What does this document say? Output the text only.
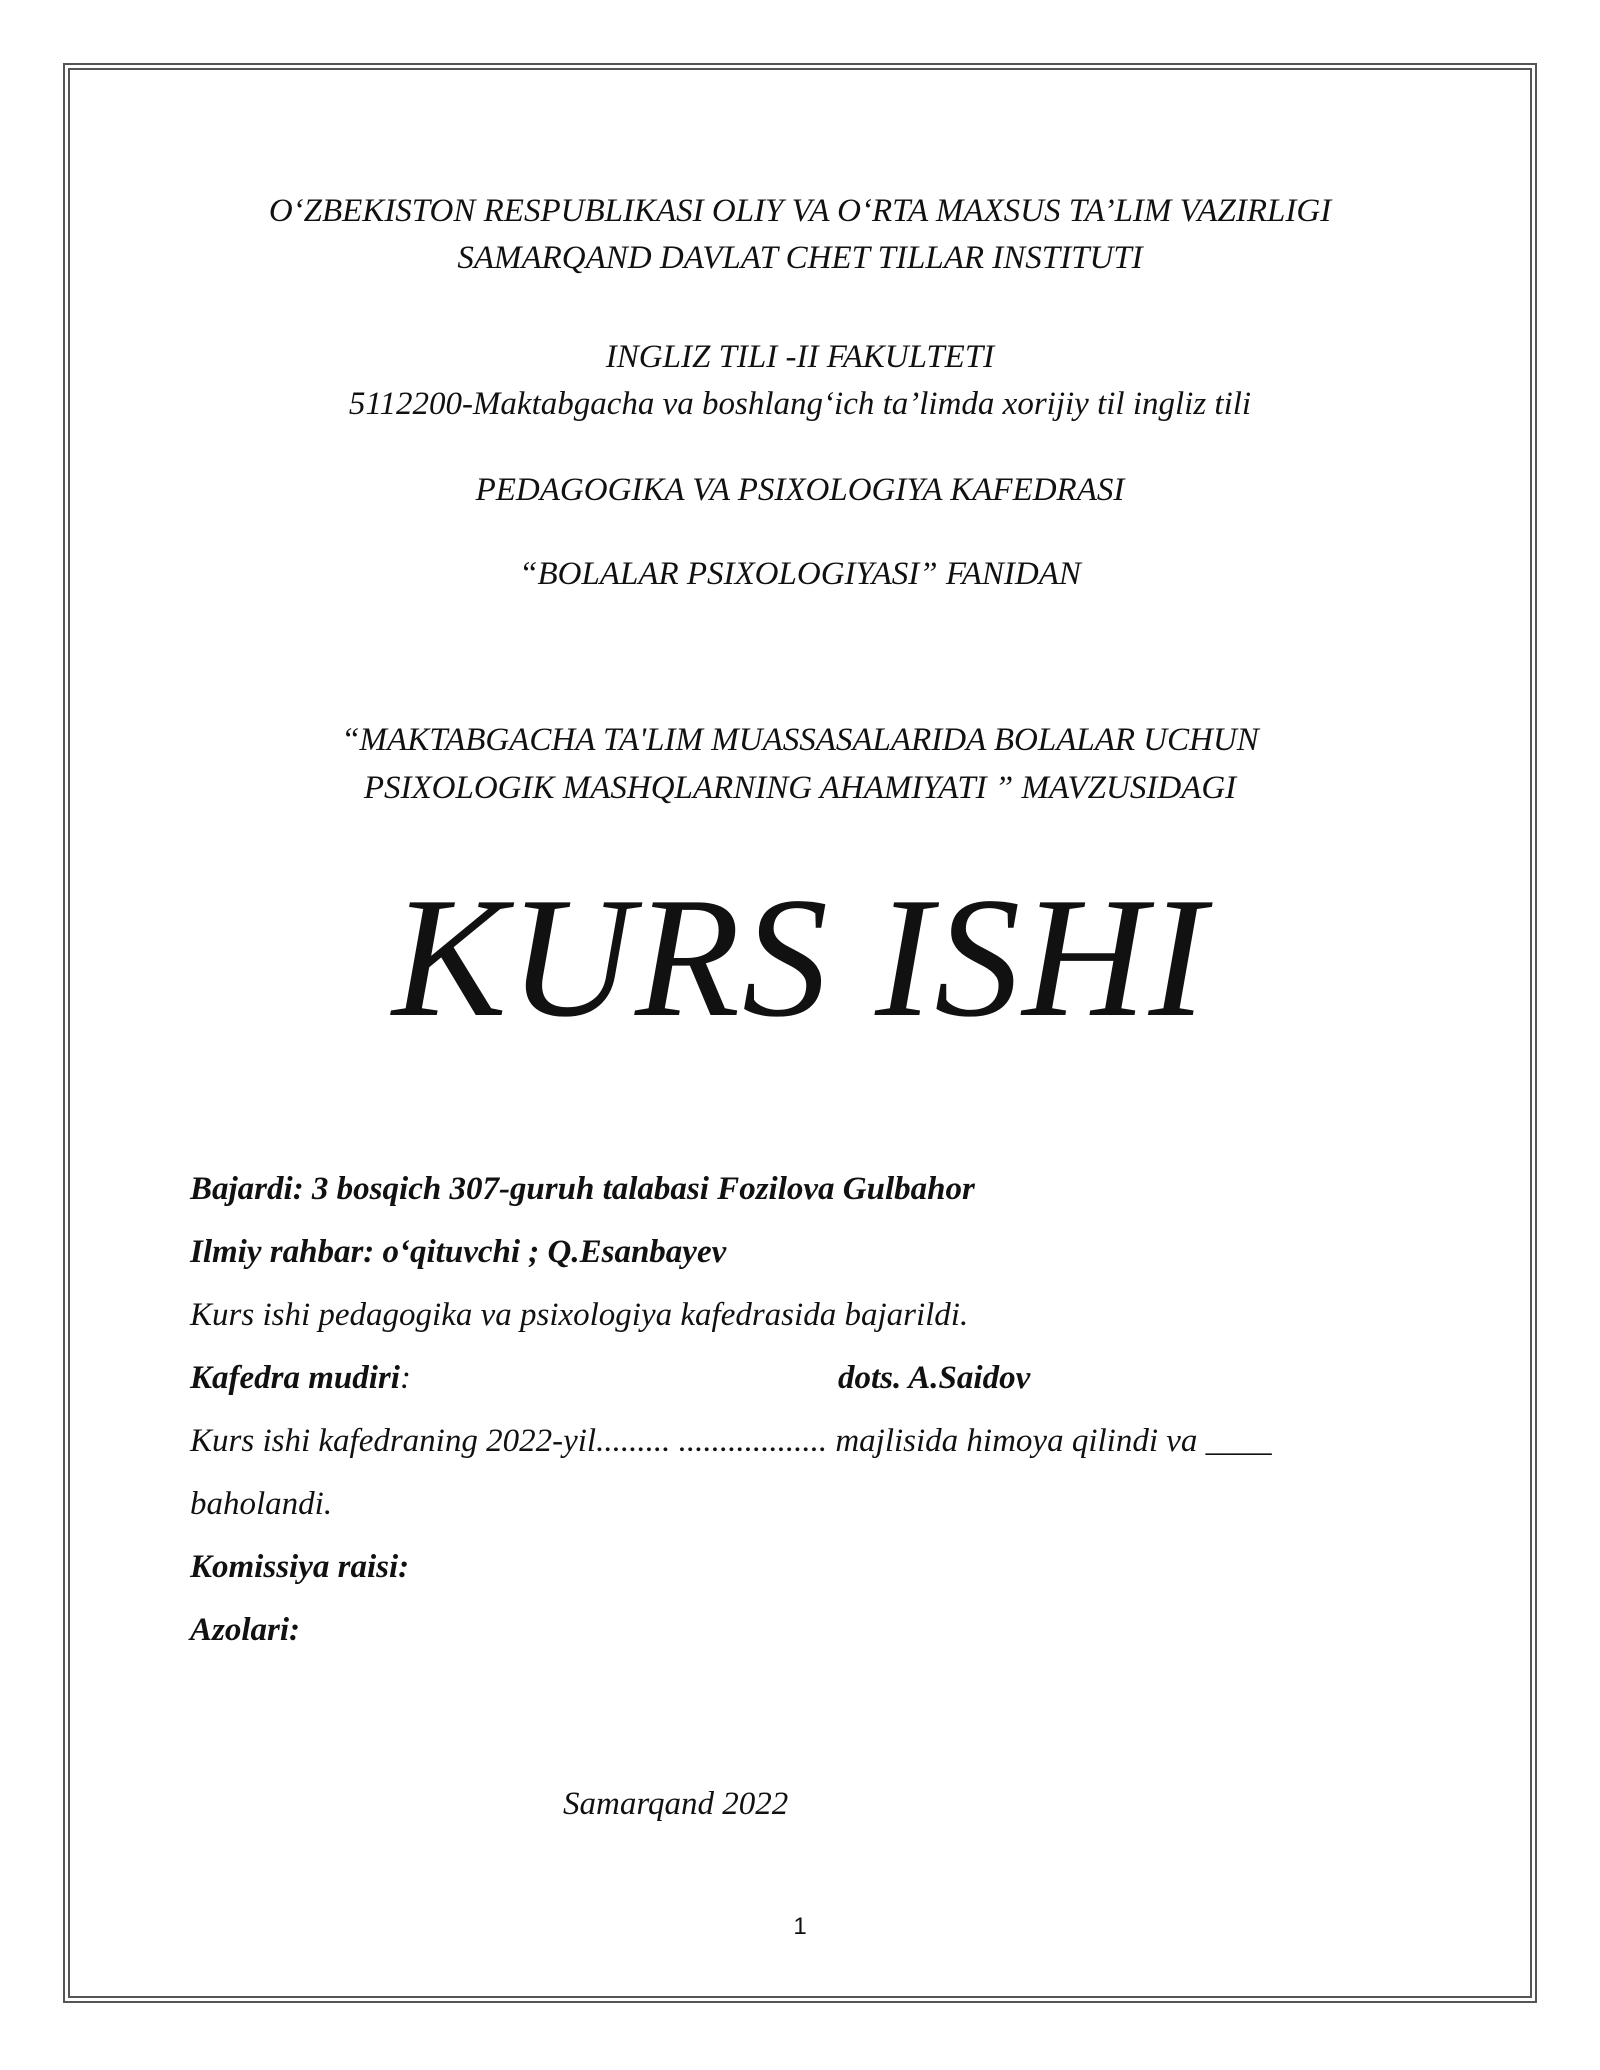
O‘ZBEKISTON RESPUBLIKASI OLIY VA O‘RTA MAXSUS TA’LIM VAZIRLIGI
SAMARQAND DAVLAT CHET TILLAR INSTITUTI
INGLIZ TILI -II FAKULTETI
5112200-Maktabgacha va boshlang‘ich ta’limda xorijiy til ingliz tili
PEDAGOGIKA VA PSIXOLOGIYA KAFEDRASI
“BOLALAR PSIXOLOGIYASI” FANIDAN
“MAKTABGACHA TA'LIM MUASSASALARIDA BOLALAR UCHUN
PSIXOLOGIK MASHQLARNING AHAMIYATI ” MAVZUSIDAGI
KURS ISHI
Bajardi: 3 bosqich 307-guruh talabasi Fozilova Gulbahor
Ilmiy rahbar: o‘qituvchi ; Q.Esanbayev
Kurs ishi pedagogika va psixologiya kafedrasida bajarildi.
Kafedra mudiri:	dots. A.Saidov
Kurs ishi kafedraning 2022-yil......... .................. majlisida himoya qilindi va ____
baholandi.
Komissiya raisi:
Azolari:
Samarqand 2022
1
